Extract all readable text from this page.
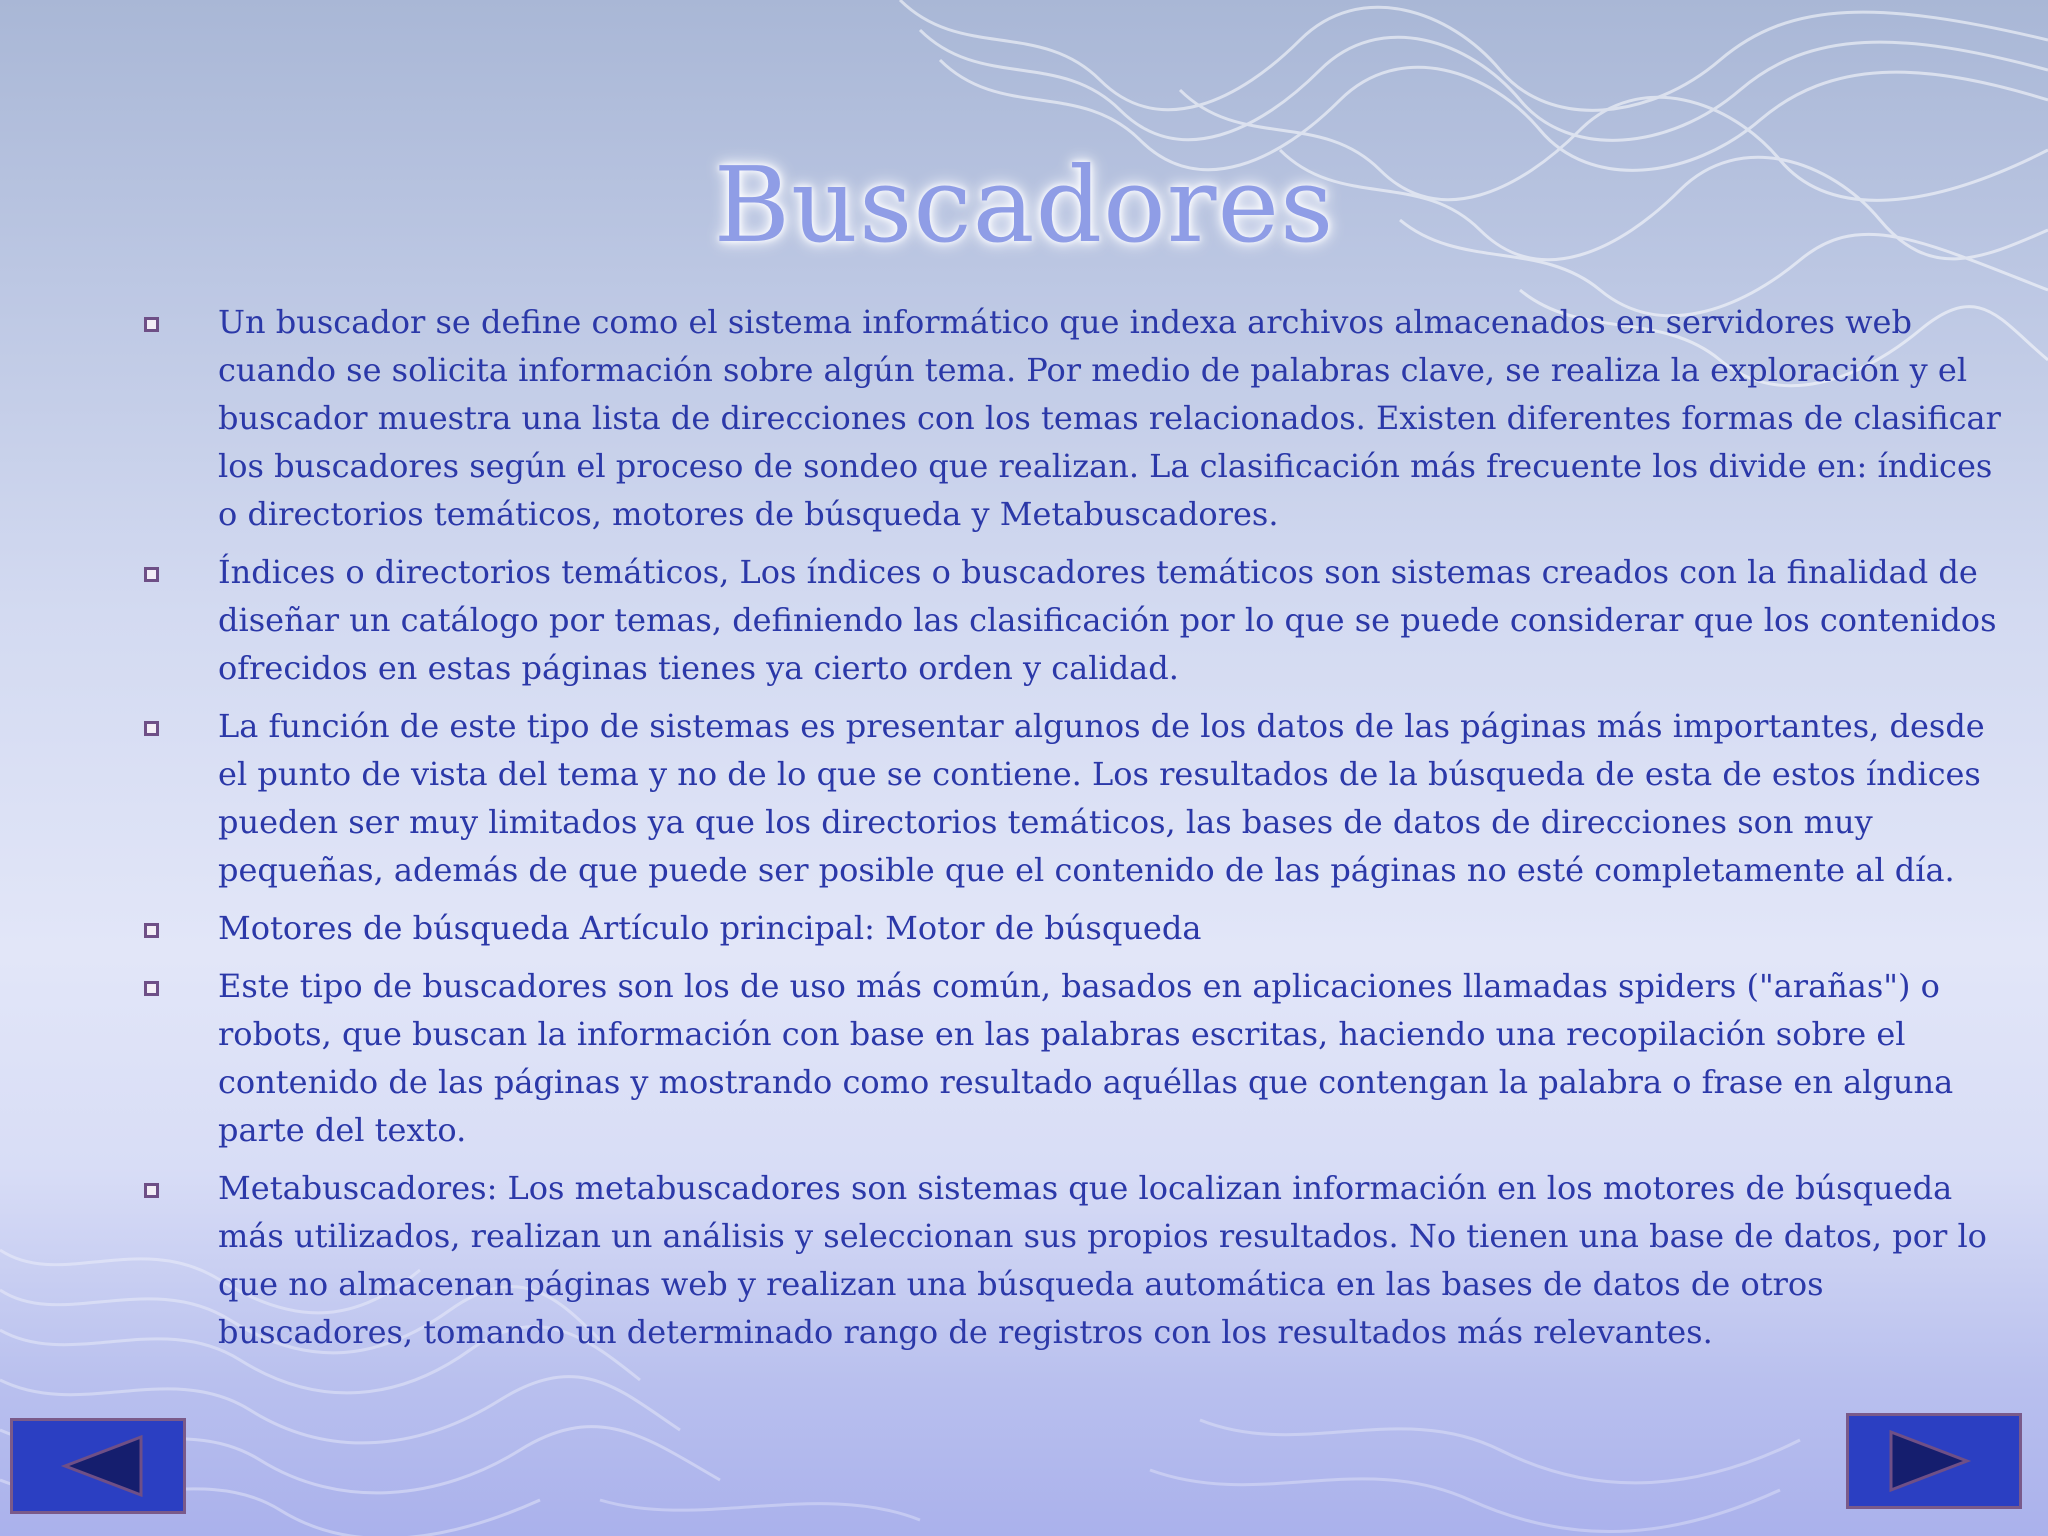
Buscadores
Un buscador se define como el sistema informático que indexa archivos almacenados en servidores web cuando se solicita información sobre algún tema. Por medio de palabras clave, se realiza la exploración y el buscador muestra una lista de direcciones con los temas relacionados. Existen diferentes formas de clasificar los buscadores según el proceso de sondeo que realizan. La clasificación más frecuente los divide en: índices o directorios temáticos, motores de búsqueda y Metabuscadores.
Índices o directorios temáticos, Los índices o buscadores temáticos son sistemas creados con la finalidad de diseñar un catálogo por temas, definiendo las clasificación por lo que se puede considerar que los contenidos ofrecidos en estas páginas tienes ya cierto orden y calidad.
La función de este tipo de sistemas es presentar algunos de los datos de las páginas más importantes, desde el punto de vista del tema y no de lo que se contiene. Los resultados de la búsqueda de esta de estos índices pueden ser muy limitados ya que los directorios temáticos, las bases de datos de direcciones son muy pequeñas, además de que puede ser posible que el contenido de las páginas no esté completamente al día.
Motores de búsqueda Artículo principal: Motor de búsqueda
Este tipo de buscadores son los de uso más común, basados en aplicaciones llamadas spiders ("arañas") o robots, que buscan la información con base en las palabras escritas, haciendo una recopilación sobre el contenido de las páginas y mostrando como resultado aquéllas que contengan la palabra o frase en alguna parte del texto.
Metabuscadores: Los metabuscadores son sistemas que localizan información en los motores de búsqueda más utilizados, realizan un análisis y seleccionan sus propios resultados. No tienen una base de datos, por lo que no almacenan páginas web y realizan una búsqueda automática en las bases de datos de otros buscadores, tomando un determinado rango de registros con los resultados más relevantes.
